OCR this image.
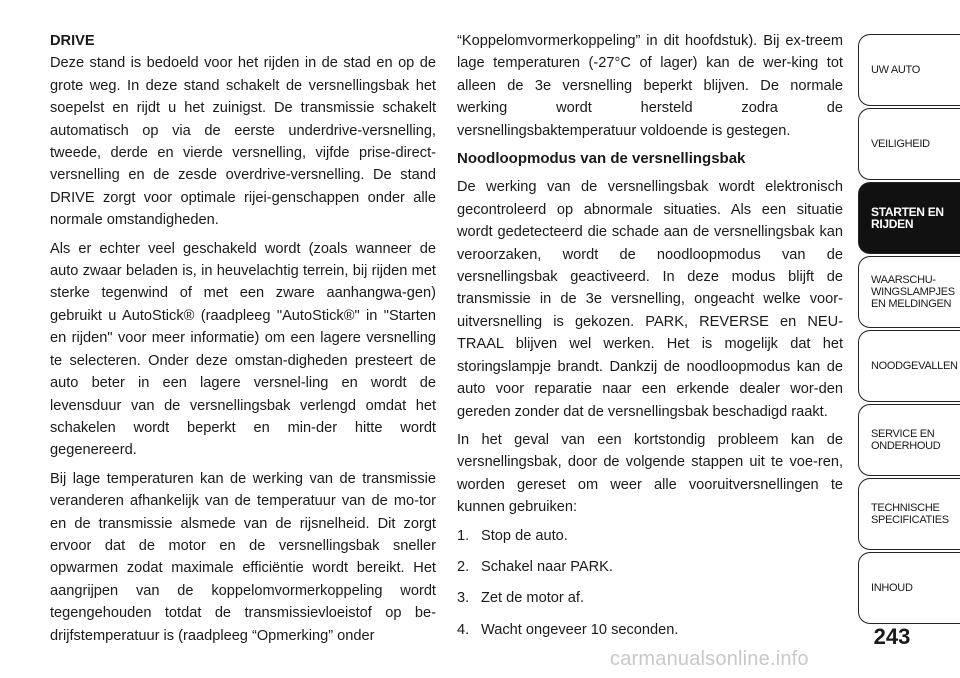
DRIVE

Deze stand is bedoeld voor het rijden in de stad en op de grote weg. In deze stand schakelt de versnellingsbak het soepelst en rijdt u het zuinigst. De transmissie schakelt automatisch op via de eerste underdrive-versnelling, tweede, derde en vierde versnelling, vijfde prise-direct-versnelling en de zesde overdrive-versnelling. De stand DRIVE zorgt voor optimale rijei-genschappen onder alle normale omstandigheden.

Als er echter veel geschakeld wordt (zoals wanneer de auto zwaar beladen is, in heuvelachtig terrein, bij rijden met sterke tegenwind of met een zware aanhangwa-gen) gebruikt u AutoStick® (raadpleeg "AutoStick®" in "Starten en rijden" voor meer informatie) om een lagere versnelling te selecteren. Onder deze omstan-digheden presteert de auto beter in een lagere versnel-ling en wordt de levensduur van de versnellingsbak verlengd omdat het schakelen wordt beperkt en min-der hitte wordt gegenereerd.

Bij lage temperaturen kan de werking van de transmissie veranderen afhankelijk van de temperatuur van de mo-tor en de transmissie alsmede van de rijsnelheid. Dit zorgt ervoor dat de motor en de versnellingsbak sneller opwarmen zodat maximale efficiëntie wordt bereikt. Het aangrijpen van de koppelomvormerkoppeling wordt tegengehouden totdat de transmissievloeistof op be-drijfstemperatuur is (raadpleeg “Opmerking” onder

“Koppelomvormerkoppeling” in dit hoofdstuk). Bij ex-treem lage temperaturen (-27°C of lager) kan de wer-king tot alleen de 3e versnelling beperkt blijven. De normale werking wordt hersteld zodra de versnellingsbaktemperatuur voldoende is gestegen.

Noodloopmodus van de versnellingsbak

De werking van de versnellingsbak wordt elektronisch gecontroleerd op abnormale situaties. Als een situatie wordt gedetecteerd die schade aan de versnellingsbak kan veroorzaken, wordt de noodloopmodus van de versnellingsbak geactiveerd. In deze modus blijft de transmissie in de 3e versnelling, ongeacht welke voor-uitversnelling is gekozen. PARK, REVERSE en NEU-TRAAL blijven wel werken. Het is mogelijk dat het storingslampje brandt. Dankzij de noodloopmodus kan de auto voor reparatie naar een erkende dealer wor-den gereden zonder dat de versnellingsbak beschadigd raakt.

In het geval van een kortstondig probleem kan de versnellingsbak, door de volgende stappen uit te voe-ren, worden gereset om weer alle vooruitversnellingen te kunnen gebruiken:

1. Stop de auto.
2. Schakel naar PARK.
3. Zet de motor af.
4. Wacht ongeveer 10 seconden.
UW AUTO
VEILIGHEID
STARTEN EN
RIJDEN
WAARSCHU-
WINGSLAMPJES
EN MELDINGEN
NOODGEVALLEN
SERVICE EN
ONDERHOUD
TECHNISCHE
SPECIFICATIES
INHOUD
243
carmanualsonline.info
